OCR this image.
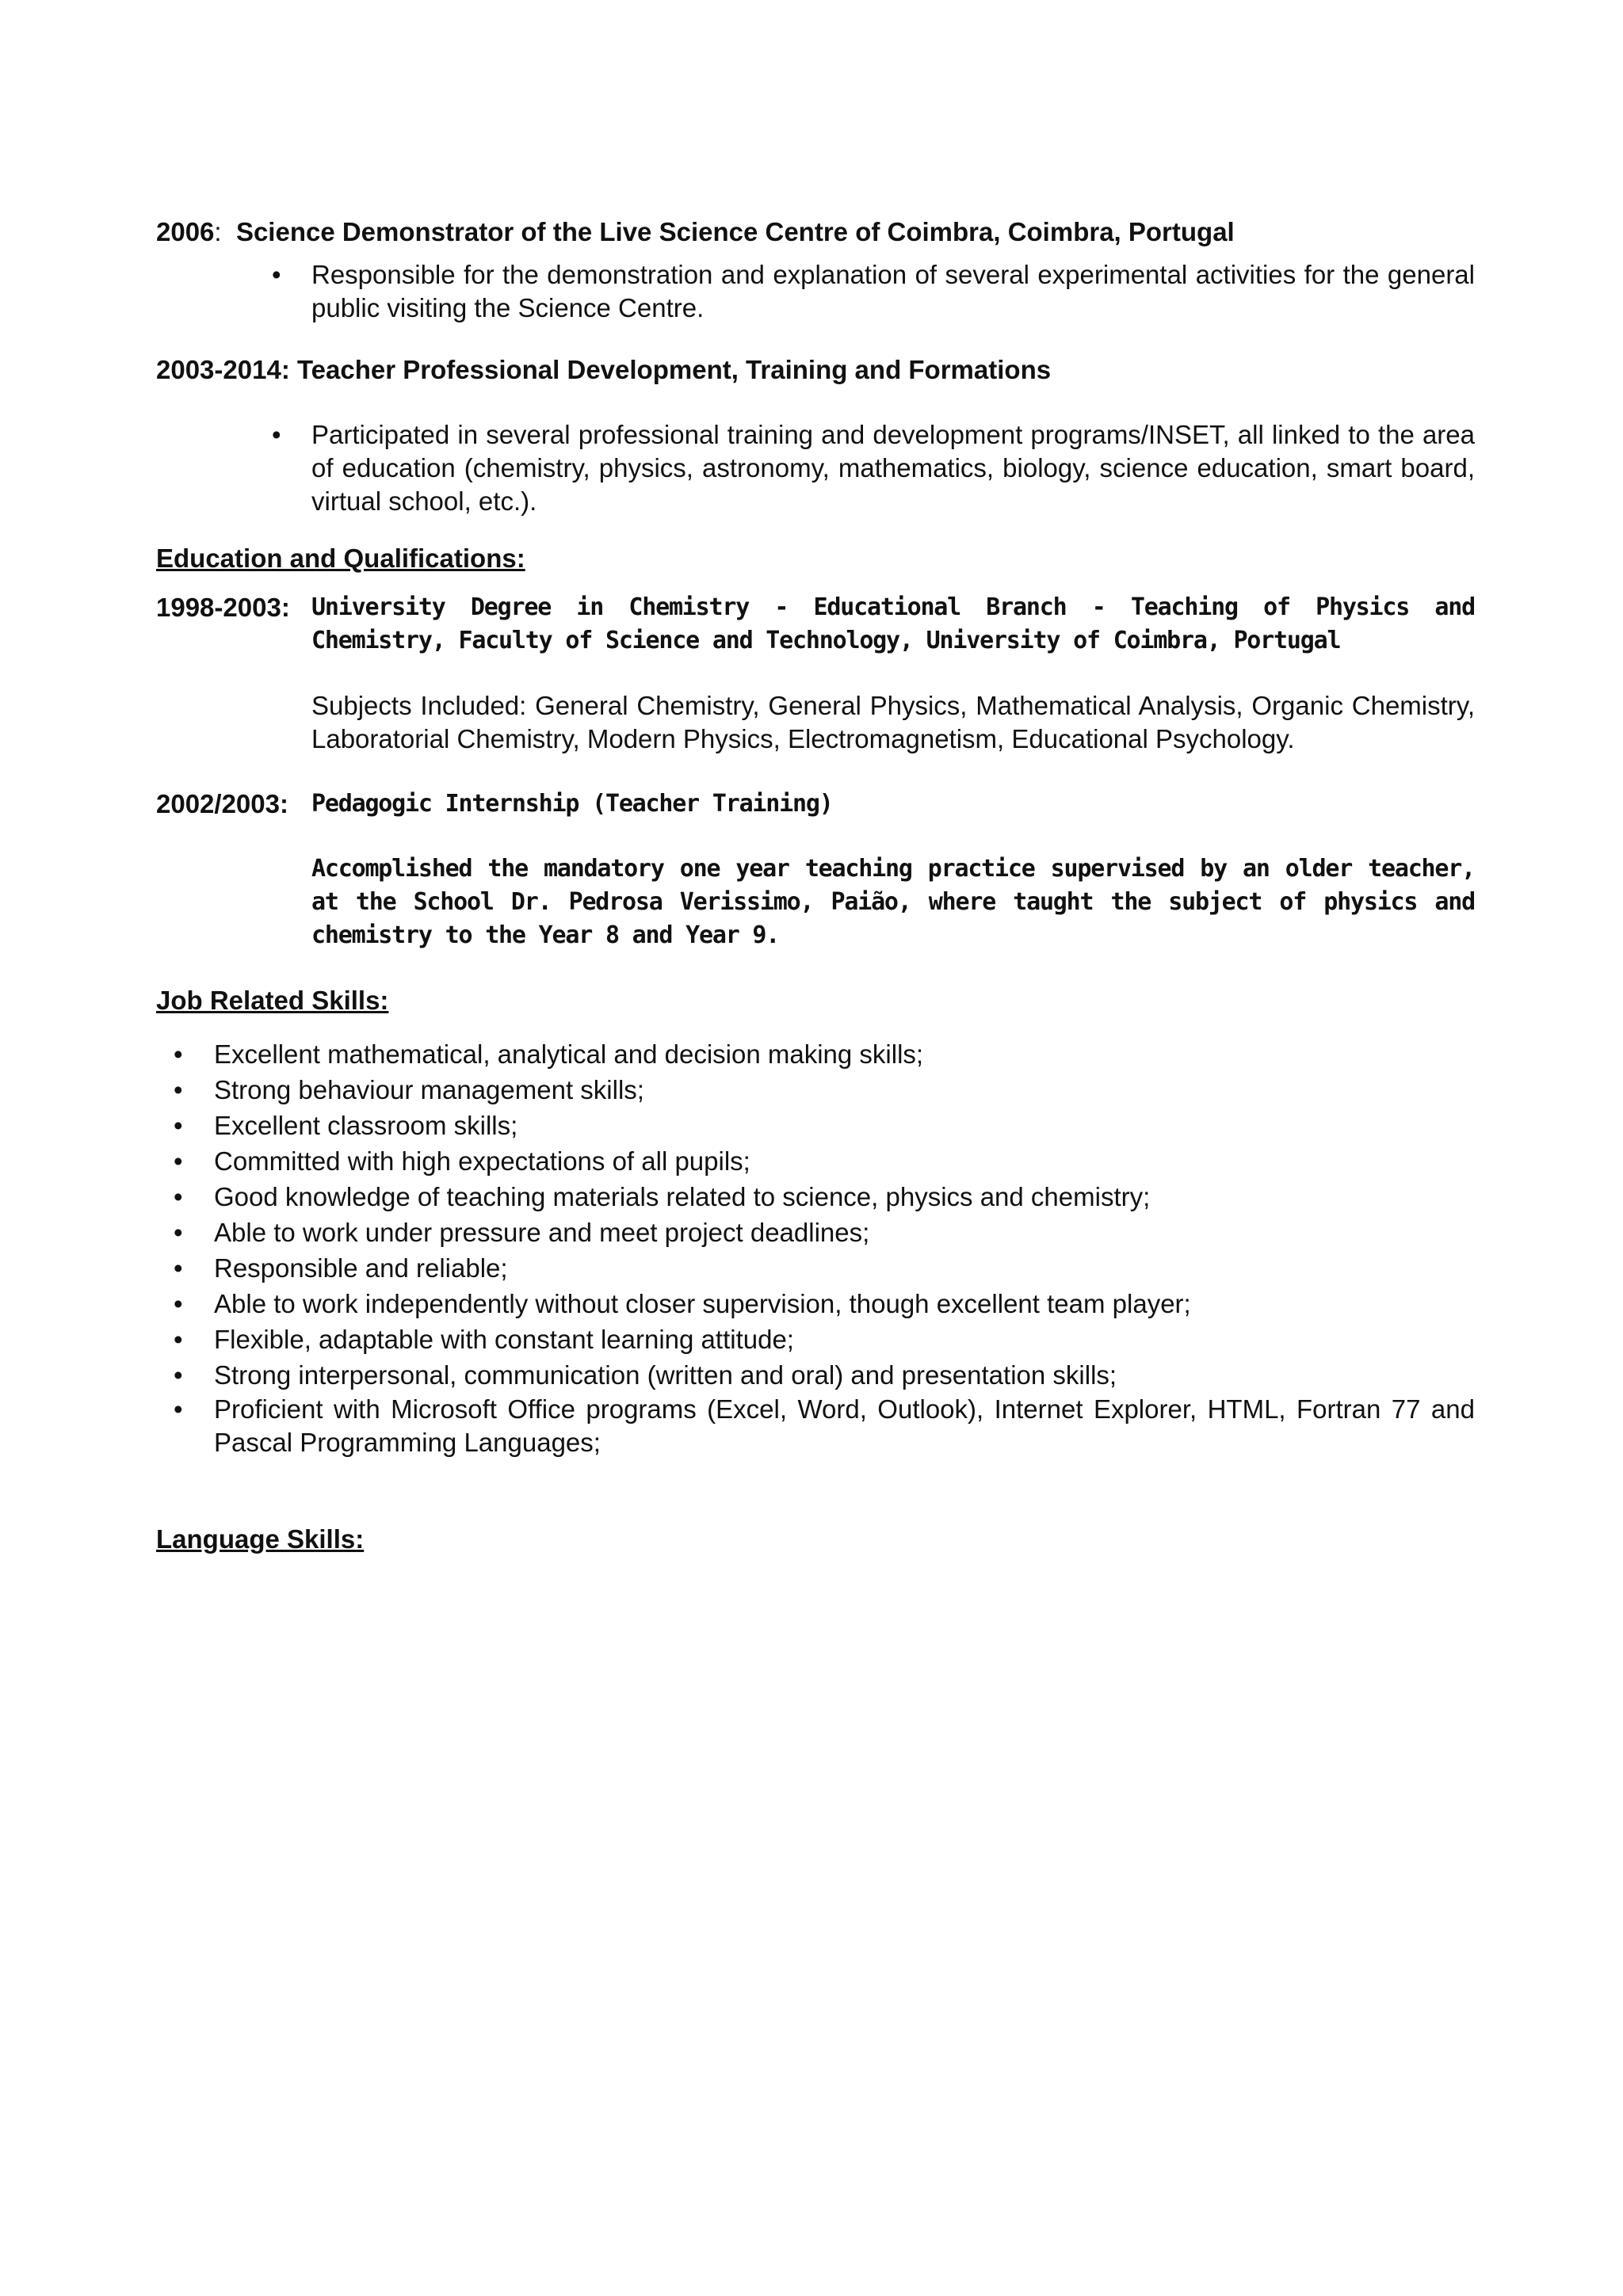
2006: Science Demonstrator of the Live Science Centre of Coimbra, Coimbra, Portugal

• Responsible for the demonstration and explanation of several experimental activities for the general public visiting the Science Centre.

2003-2014: Teacher Professional Development, Training and Formations

• Participated in several professional training and development programs/INSET, all linked to the area of education (chemistry, physics, astronomy, mathematics, biology, science education, smart board, virtual school, etc.).

Education and Qualifications:

1998-2003: University Degree in Chemistry - Educational Branch - Teaching of Physics and Chemistry, Faculty of Science and Technology, University of Coimbra, Portugal
Subjects Included: General Chemistry, General Physics, Mathematical Analysis, Organic Chemistry, Laboratorial Chemistry, Modern Physics, Electromagnetism, Educational Psychology.
2002/2003: Pedagogic Internship (Teacher Training)
Accomplished the mandatory one year teaching practice supervised by an older teacher, at the School Dr. Pedrosa Verissimo, Paião, where taught the subject of physics and chemistry to the Year 8 and Year 9.

Job Related Skills:

• Excellent mathematical, analytical and decision making skills;
• Strong behaviour management skills;
• Excellent classroom skills;
• Committed with high expectations of all pupils;
• Good knowledge of teaching materials related to science, physics and chemistry;
• Able to work under pressure and meet project deadlines;
• Responsible and reliable;
• Able to work independently without closer supervision, though excellent team player;
• Flexible, adaptable with constant learning attitude;
• Strong interpersonal, communication (written and oral) and presentation skills;
• Proficient with Microsoft Office programs (Excel, Word, Outlook), Internet Explorer, HTML, Fortran 77 and Pascal Programming Languages;

Language Skills:
